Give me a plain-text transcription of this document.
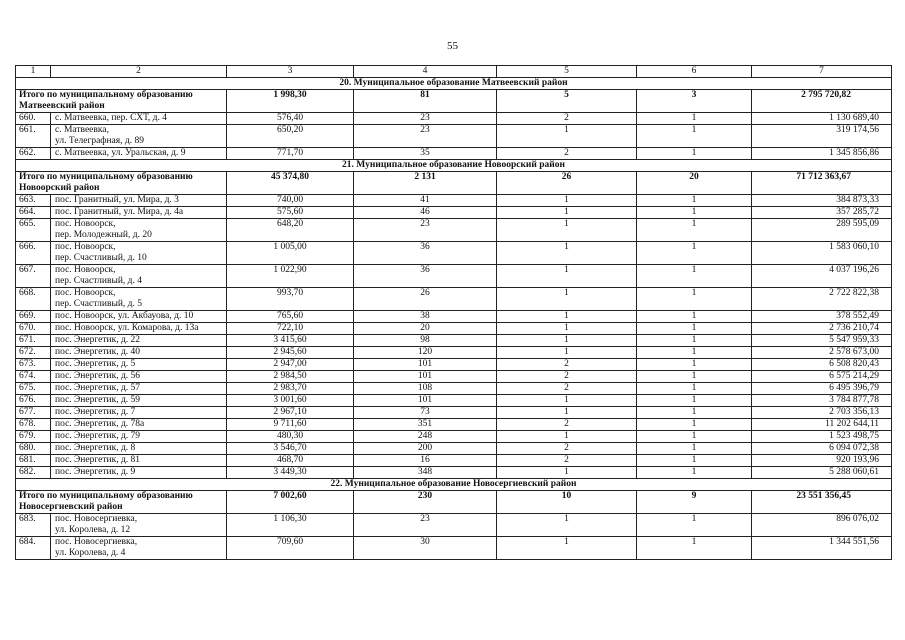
55
1	2	3	4	5	6	7
20. Муниципальное образование Матвеевский район						
Итого по муниципальному образованию
Матвеевский район		1 998,30	81	5	3	2 795 720,82
660.	с. Матвеевка, пер. СХТ, д. 4	576,40	23	2	1	1 130 689,40
661.	с. Матвеевка,
ул. Телеграфная, д. 89	650,20	23	1	1	319 174,56
662.	с. Матвеевка, ул. Уральская, д. 9	771,70	35	2	1	1 345 856,86
21. Муниципальное образование Новоорский район						
Итого по муниципальному образованию
Новоорский район		45 374,80	2 131	26	20	71 712 363,67
663.	пос. Гранитный, ул. Мира, д. 3	740,00	41	1	1	384 873,33
664.	пос. Гранитный, ул. Мира, д. 4а	575,60	46	1	1	357 285,72
665.	пос. Новоорск,
пер. Молодежный, д. 20	648,20	23	1	1	289 595,09
666.	пос. Новоорск,
пер. Счастливый, д. 10	1 005,00	36	1	1	1 583 060,10
667.	пос. Новоорск,
пер. Счастливый, д. 4	1 022,90	36	1	1	4 037 196,26
668.	пос. Новоорск,
пер. Счастливый, д. 5	993,70	26	1	1	2 722 822,38
669.	пос. Новоорск, ул. Акбауова, д. 10	765,60	38	1	1	378 552,49
670.	пос. Новоорск, ул. Комарова, д. 13а	722,10	20	1	1	2 736 210,74
671.	пос. Энергетик, д. 22	3 415,60	98	1	1	5 547 959,33
672.	пос. Энергетик, д. 40	2 945,60	120	1	1	2 578 673,00
673.	пос. Энергетик, д. 5	2 947,00	101	2	1	6 508 820,43
674.	пос. Энергетик, д. 56	2 984,50	101	2	1	6 575 214,29
675.	пос. Энергетик, д. 57	2 983,70	108	2	1	6 495 396,79
676.	пос. Энергетик, д. 59	3 001,60	101	1	1	3 784 877,78
677.	пос. Энергетик, д. 7	2 967,10	73	1	1	2 703 356,13
678.	пос. Энергетик, д. 78а	9 711,60	351	2	1	11 202 644,11
679.	пос. Энергетик, д. 79	480,30	248	1	1	1 523 498,75
680.	пос. Энергетик, д. 8	3 546,70	200	2	1	6 094 072,38
681.	пос. Энергетик, д. 81	468,70	16	2	1	920 193,96
682.	пос. Энергетик, д. 9	3 449,30	348	1	1	5 288 060,61
22. Муниципальное образование Новосергиевский район						
Итого по муниципальному образованию
Новосергиевский район		7 002,60	230	10	9	23 551 356,45
683.	пос. Новосергиевка,
ул. Королева, д. 12	1 106,30	23	1	1	896 076,02
684.	пос. Новосергиевка,
ул. Королева, д. 4	709,60	30	1	1	1 344 551,56
